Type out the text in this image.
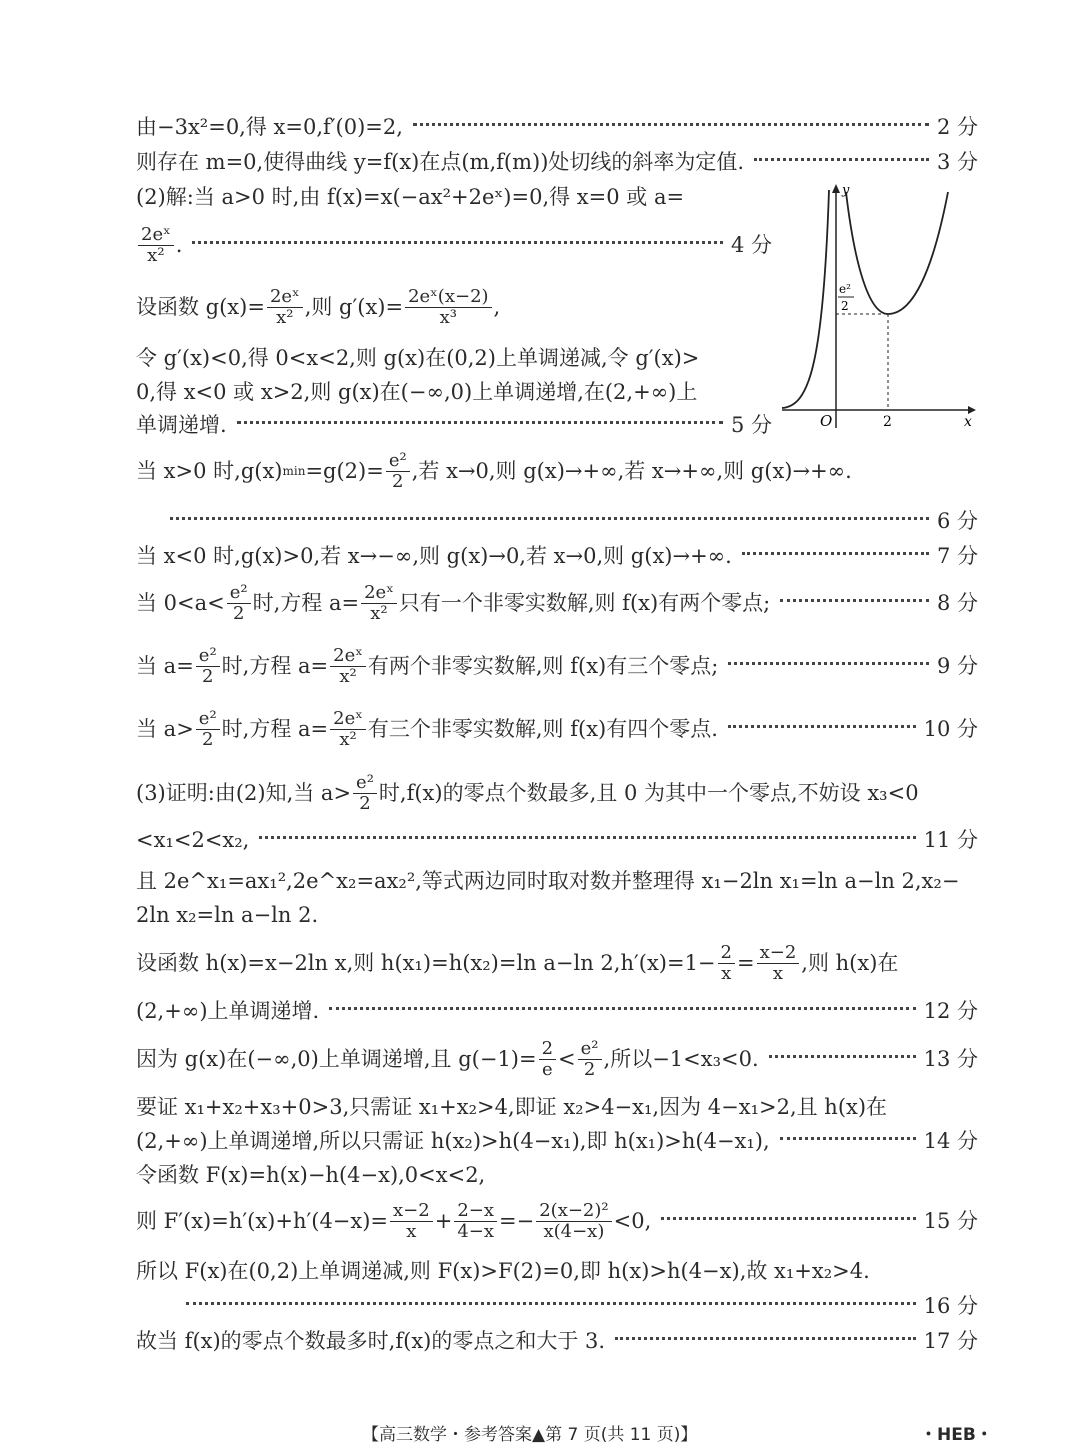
由−3x²=0,得 x=0,f′(0)=2,	2 分
则存在 m=0,使得曲线 y=f(x)在点(m,f(m))处切线的斜率为定值.	3 分
(2)解:当 a>0 时,由 f(x)=x(−ax²+2eˣ)=0,得 x=0 或 a=
$\frac{\text{2eˣ}}{\text{x²}}$ .	4 分
设函数 $g(x)= \frac{\text{2eˣ}}{\text{x²}}$ ,则 $g'(x)= \frac{\text{2eˣ(x−2)}}{\text{x³}}$ ,
令 g′(x)<0,得 0<x<2,则 g(x)在(0,2)上单调递减,令 g′(x)>
0,得 x<0 或 x>2,则 g(x)在(−∞,0)上单调递增,在(2,+∞)上
单调递增.	5 分
y
x
O	2
e²
2
当 x>0 时,g(x) $\min =g(2)= \frac{\text{e²}}{2}$ ,若 x→0,则 g(x)→+∞,若 x→+∞,则 g(x)→+∞.
6 分
当 x<0 时,g(x)>0,若 x→−∞,则 g(x)→0,若 x→0,则 g(x)→+∞.	7 分
当 $0<a< \frac{\text{e²}}{2}$ 时,方程 $a= \frac{\text{2eˣ}}{\text{x²}}$ 只有一个非零实数解,则 f(x)有两个零点;	8 分
当 $a= \frac{\text{e²}}{2}$ 时,方程 $a= \frac{\text{2eˣ}}{\text{x²}}$ 有两个非零实数解,则 f(x)有三个零点;	9 分
当 $a> \frac{\text{e²}}{2}$ 时,方程 $a= \frac{\text{2eˣ}}{\text{x²}}$ 有三个非零实数解,则 f(x)有四个零点.	10 分
(3)证明:由(2)知,当 $a> \frac{\text{e²}}{2}$ 时,f(x)的零点个数最多,且 0 为其中一个零点,不妨设 x₃<0
<x₁<2<x₂,	11 分
且 2e^x₁=ax₁²,2e^x₂=ax₂²,等式两边同时取对数并整理得 x₁−2ln x₁=ln a−ln 2,x₂−
2ln x₂=ln a−ln 2.
设函数 h(x)=x−2ln x,则 h(x₁)=h(x₂)=ln a−ln $2,h'(x)=1- \frac{2}{x} = \frac{x-2}{x}$ ,则 h(x)在
(2,+∞)上单调递增.	12 分
因为 g(x)在(−∞,0)上单调递增,且 $g(-1)= \frac{2}{e} < \frac{\text{e²}}{2}$ ,所以−1<x₃<0.	13 分
要证 x₁+x₂+x₃+0>3,只需证 x₁+x₂>4,即证 x₂>4−x₁,因为 4−x₁>2,且 h(x)在
(2,+∞)上单调递增,所以只需证 h(x₂)>h(4−x₁),即 h(x₁)>h(4−x₁),	14 分
令函数 F(x)=h(x)−h(4−x),0<x<2,
则 $F'(x)=h'(x)+h'(4-x)= \frac{x-2}{x} + \frac{2-x}{4-x} =- \frac{\text{2(x−2)²}}{x(4-x)} <0$,	15 分
所以 F(x)在(0,2)上单调递减,则 F(x)>F(2)=0,即 h(x)>h(4−x),故 x₁+x₂>4.
16 分
故当 f(x)的零点个数最多时,f(x)的零点之和大于 3.	17 分
【高三数学・参考答案▲第 7 页(共 11 页)】	・HEB・
